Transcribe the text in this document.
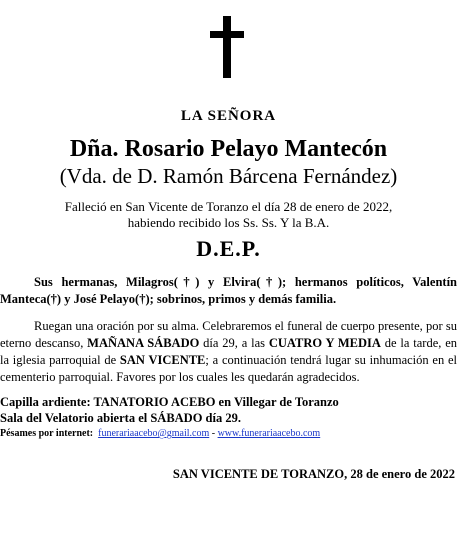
LA SEÑORA
Dña. Rosario Pelayo Mantecón
(Vda. de D. Ramón Bárcena Fernández)
Falleció en San Vicente de Toranzo el día 28 de enero de 2022,
habiendo recibido los Ss. Ss. Y la B.A.
D.E.P.
Sus hermanas, Milagros(†) y Elvira(†); hermanos políticos, Valentín Manteca(†) y José Pelayo(†); sobrinos, primos y demás familia.
Ruegan una oración por su alma. Celebraremos el funeral de cuerpo presente, por su eterno descanso, MAÑANA SÁBADO día 29, a las CUATRO Y MEDIA de la tarde, en la iglesia parroquial de SAN VICENTE; a continuación tendrá lugar su inhumación en el cementerio parroquial. Favores por los cuales les quedarán agradecidos.
Capilla ardiente: TANATORIO ACEBO en Villegar de Toranzo
Sala del Velatorio abierta el SÁBADO día 29.
Pésames por internet: funerariaacebo@gmail.com - www.funerariaacebo.com
SAN VICENTE DE TORANZO, 28 de enero de 2022
